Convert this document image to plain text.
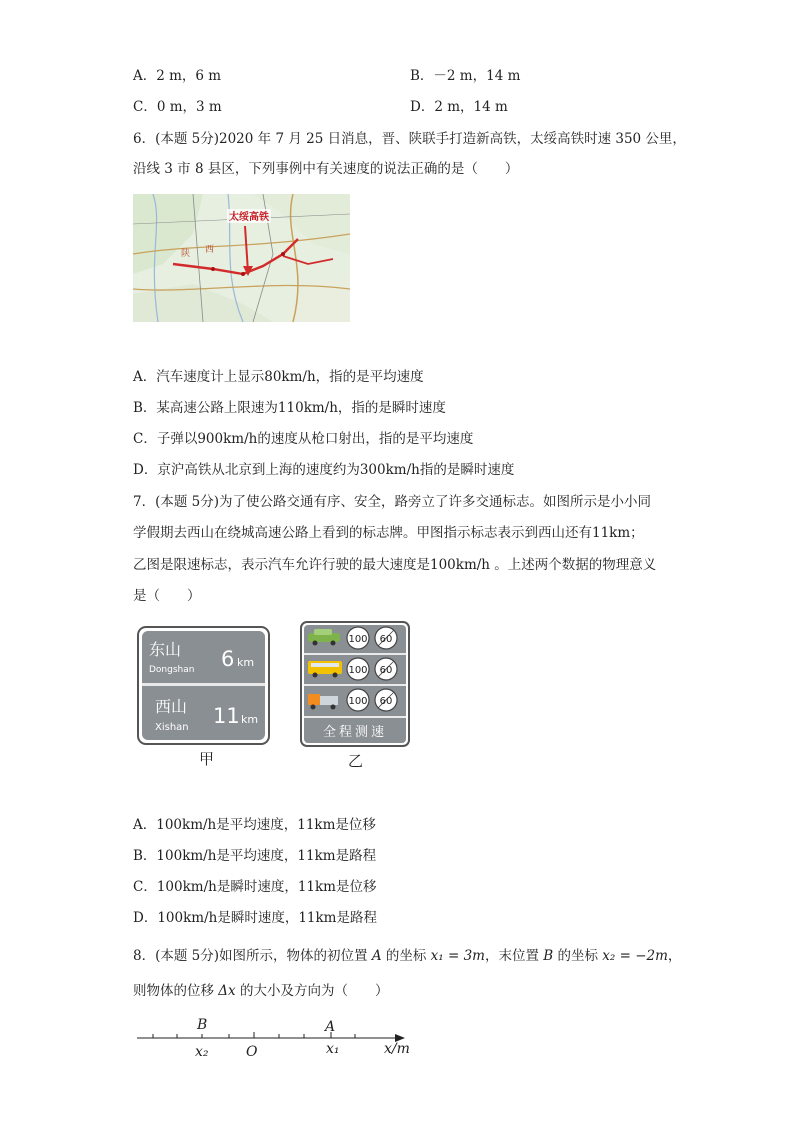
A．2 m，6 m	B．－2 m，14 m
C．0 m，3 m	D．2 m，14 m
6．(本题 5分)2020 年 7 月 25 日消息，晋、陕联手打造新高铁，太绥高铁时速 350 公里，
沿线 3 市 8 县区，下列事例中有关速度的说法正确的是（　　）
太绥高铁
陕 西
A．汽车速度计上显示80km/h，指的是平均速度
B．某高速公路上限速为110km/h，指的是瞬时速度
C．子弹以900km/h的速度从枪口射出，指的是平均速度
D．京沪高铁从北京到上海的速度约为300km/h指的是瞬时速度
7．(本题 5分)为了使公路交通有序、安全，路旁立了许多交通标志。如图所示是小小同
学假期去西山在绕城高速公路上看到的标志牌。甲图指示标志表示到西山还有11km；
乙图是限速标志，表示汽车允许行驶的最大速度是100km/h 。上述两个数据的物理意义
是（　　）
东山
Dongshan 6 km
西山
Xishan 11 km
甲
100 60
100 60
100 60
全程测速
乙
A．100km/h是平均速度，11km是位移
B．100km/h是平均速度，11km是路程
C．100km/h是瞬时速度，11km是位移
D．100km/h是瞬时速度，11km是路程
8．(本题 5分)如图所示，物体的初位置 A 的坐标 x₁ = 3m，末位置 B 的坐标 x₂ = −2m，
则物体的位移 Δx 的大小及方向为（　　）
B	A
x₂	O	x₁	x/m
